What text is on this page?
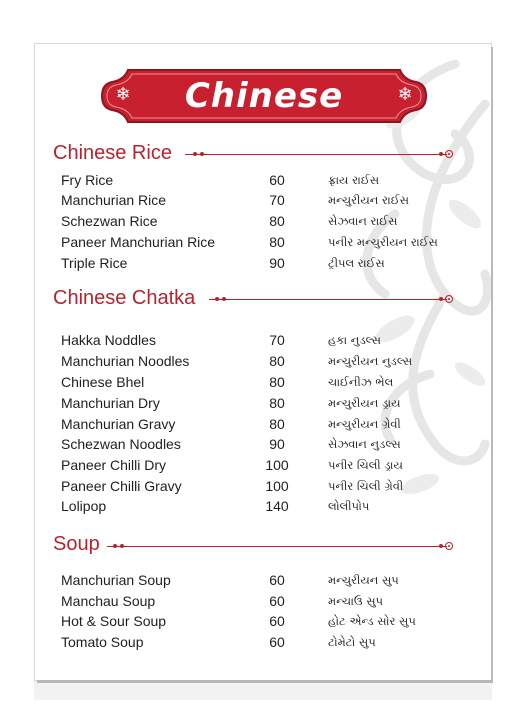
❄	❄
Chinese
Chinese Rice
Fry Rice	60	ફ્રાય રાઈસ
Manchurian Rice	70	મન્ચુરીયન રાઈસ
Schezwan Rice	80	સેઝવાન રાઈસ
Paneer Manchurian Rice	80	પનીર મન્ચુરીયન રાઈસ
Triple Rice	90	ટ્રીપલ રાઈસ
Chinese Chatka
Hakka Noddles	70	હકા નુડલ્સ
Manchurian Noodles	80	મન્ચુરીયન નુડલ્સ
Chinese Bhel	80	ચાઈનીઝ ભેલ
Manchurian Dry	80	મન્ચુરીયન ડ્રાય
Manchurian Gravy	80	મન્ચુરીયન ગ્રેવી
Schezwan Noodles	90	સેઝવાન નુડલ્સ
Paneer Chilli Dry	100	પનીર ચિલી ડ્રાય
Paneer Chilli Gravy	100	પનીર ચિલી ગ્રેવી
Lolipop	140	લોલીપોપ
Soup
Manchurian Soup	60	મન્ચુરીયન સુપ
Manchau Soup	60	મન્ચાઉ સુપ
Hot & Sour Soup	60	હોટ એન્ડ સોર સુપ
Tomato Soup	60	ટોમેટો સુપ
